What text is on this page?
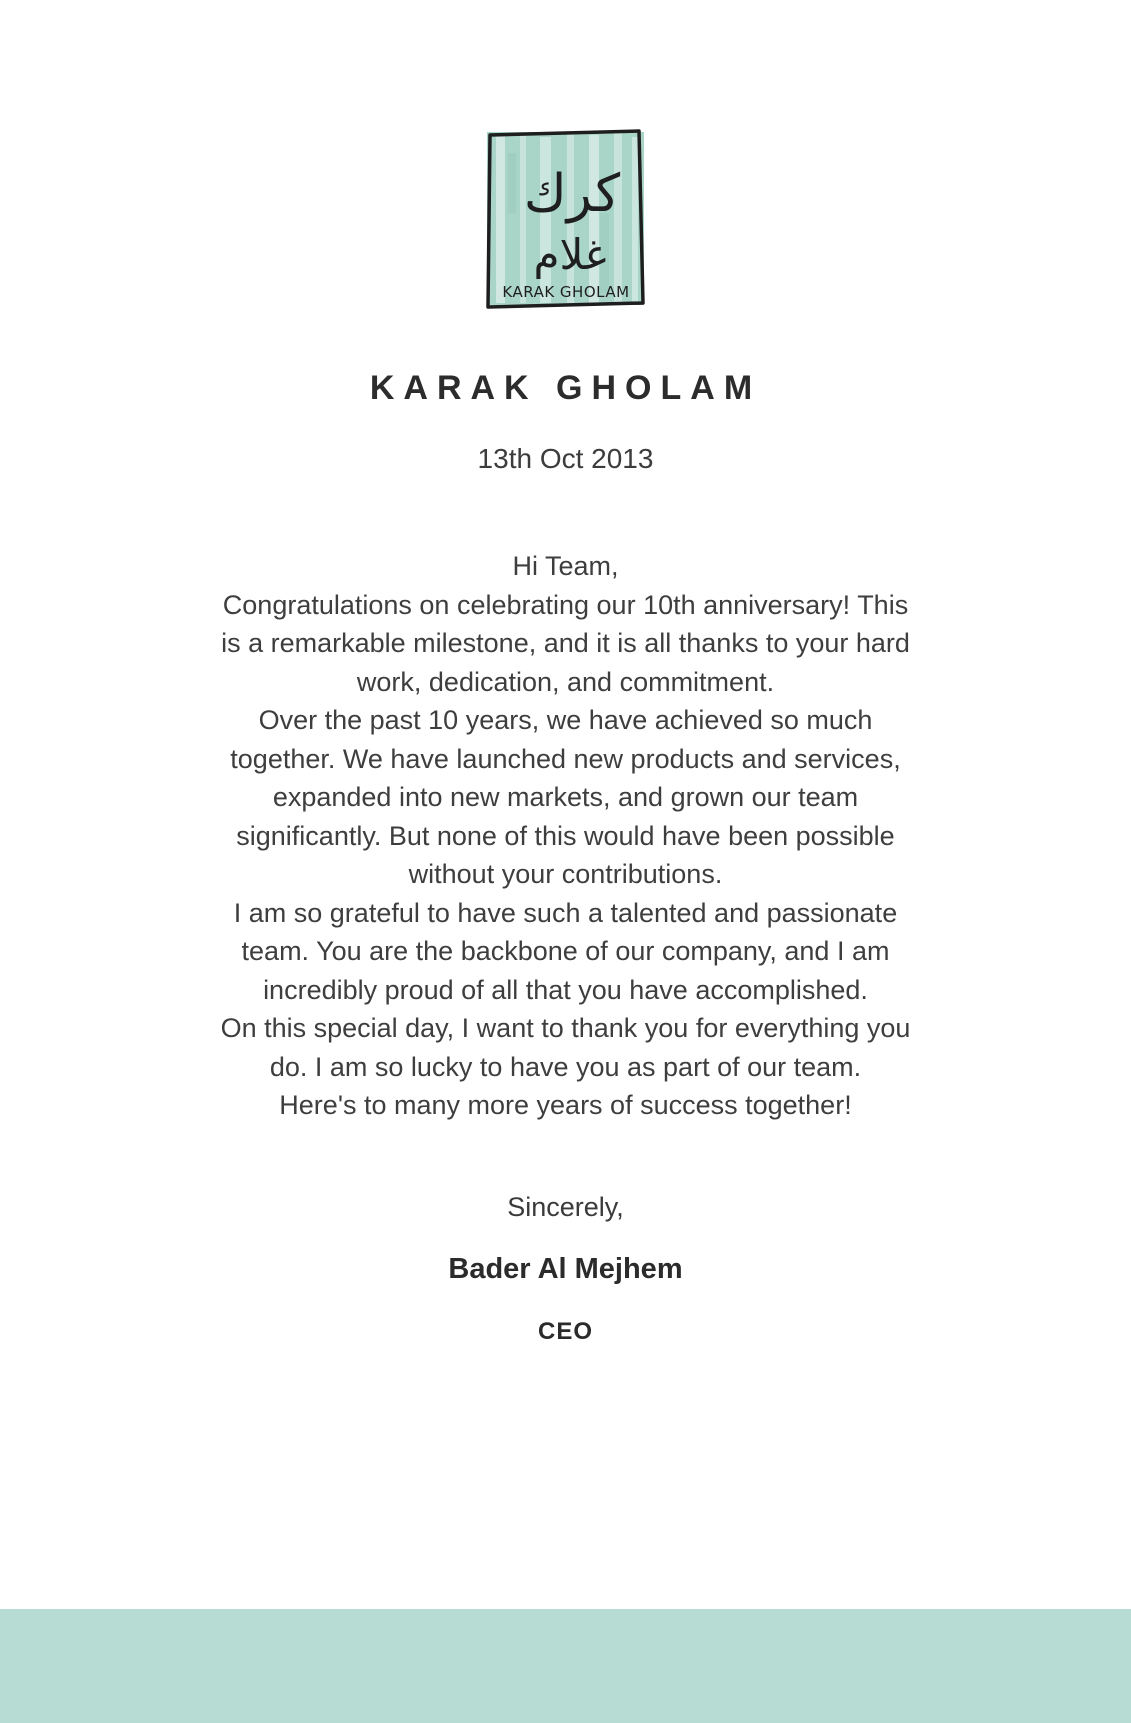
كرك
غلام
KARAK GHOLAM
KARAK GHOLAM
13th Oct 2013
Hi Team,
Congratulations on celebrating our 10th anniversary! This
is a remarkable milestone, and it is all thanks to your hard
work, dedication, and commitment.
Over the past 10 years, we have achieved so much
together. We have launched new products and services,
expanded into new markets, and grown our team
significantly. But none of this would have been possible
without your contributions.
I am so grateful to have such a talented and passionate
team. You are the backbone of our company, and I am
incredibly proud of all that you have accomplished.
On this special day, I want to thank you for everything you
do. I am so lucky to have you as part of our team.
Here's to many more years of success together!
Sincerely,
Bader Al Mejhem
CEO
